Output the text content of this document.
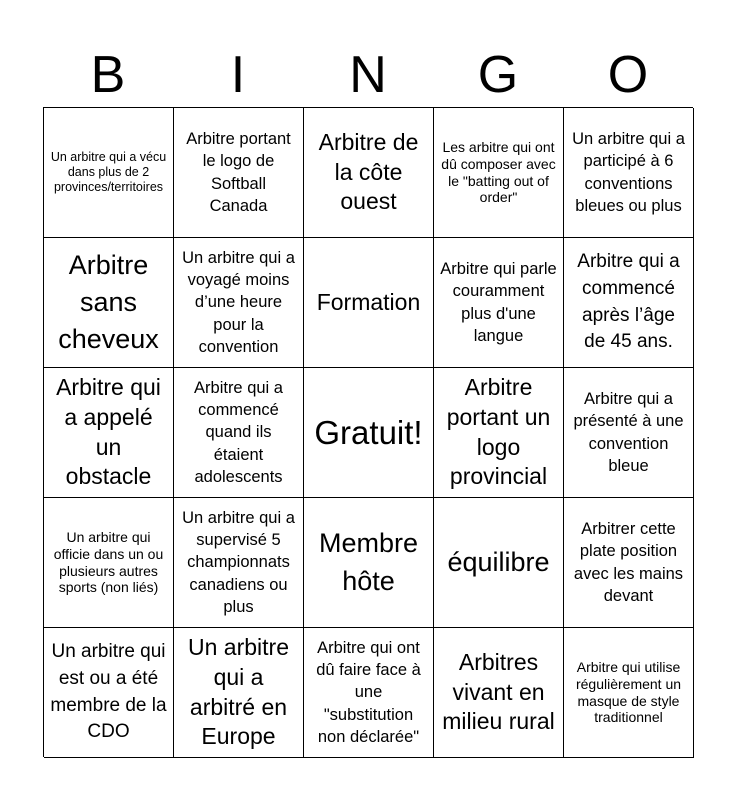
B	I	N	G	O
Un arbitre qui a vécu dans plus de 2 provinces/territoires
Arbitre portant le logo de Softball Canada
Arbitre de la côte ouest
Les arbitre qui ont dû composer avec le "batting out of order"
Un arbitre qui a participé à 6 conventions bleues ou plus
Arbitre sans cheveux
Un arbitre qui a voyagé moins d’une heure pour la convention
Formation
Arbitre qui parle couramment plus d'une langue
Arbitre qui a commencé après l’âge de 45 ans.
Arbitre qui a appelé un obstacle
Arbitre qui a commencé quand ils étaient adolescents
Gratuit!
Arbitre portant un logo provincial
Arbitre qui a présenté à une convention bleue
Un arbitre qui officie dans un ou plusieurs autres sports (non liés)
Un arbitre qui a supervisé 5 championnats canadiens ou plus
Membre hôte
équilibre
Arbitrer cette plate position avec les mains devant
Un arbitre qui est ou a été membre de la CDO
Un arbitre qui a arbitré en Europe
Arbitre qui ont dû faire face à une "substitution non déclarée"
Arbitres vivant en milieu rural
Arbitre qui utilise régulièrement un masque de style traditionnel
